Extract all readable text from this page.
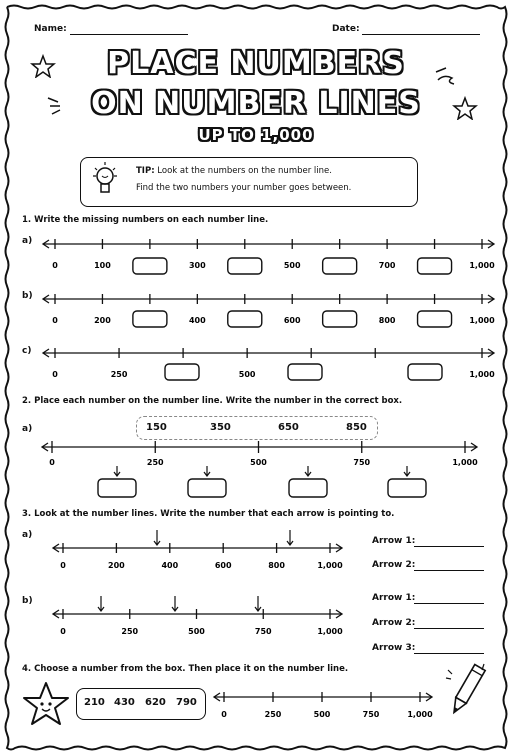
Name:	Date:
PLACE NUMBERS
ON NUMBER LINES
UP TO 1,000
TIP: Look at the numbers on the number line.
Find the two numbers your number goes between.
1. Write the missing numbers on each number line.
a)
b)
c)
2. Place each number on the number line. Write the number in the correct box.
a)	150	350	650	850
3. Look at the number lines. Write the number that each arrow is pointing to.
a)
b)
Arrow 1:
Arrow 2:
Arrow 1:
Arrow 2:
Arrow 3:
4. Choose a number from the box. Then place it on the number line.
210 430 620 790
0	100	300	500	700	1,000
0	200	400	600	800	1,000
0	250	500	1,000
0	250	500	750	1,000
0	200	400	600	800	1,000
0	250	500	750	1,000
0	250	500	750	1,000
